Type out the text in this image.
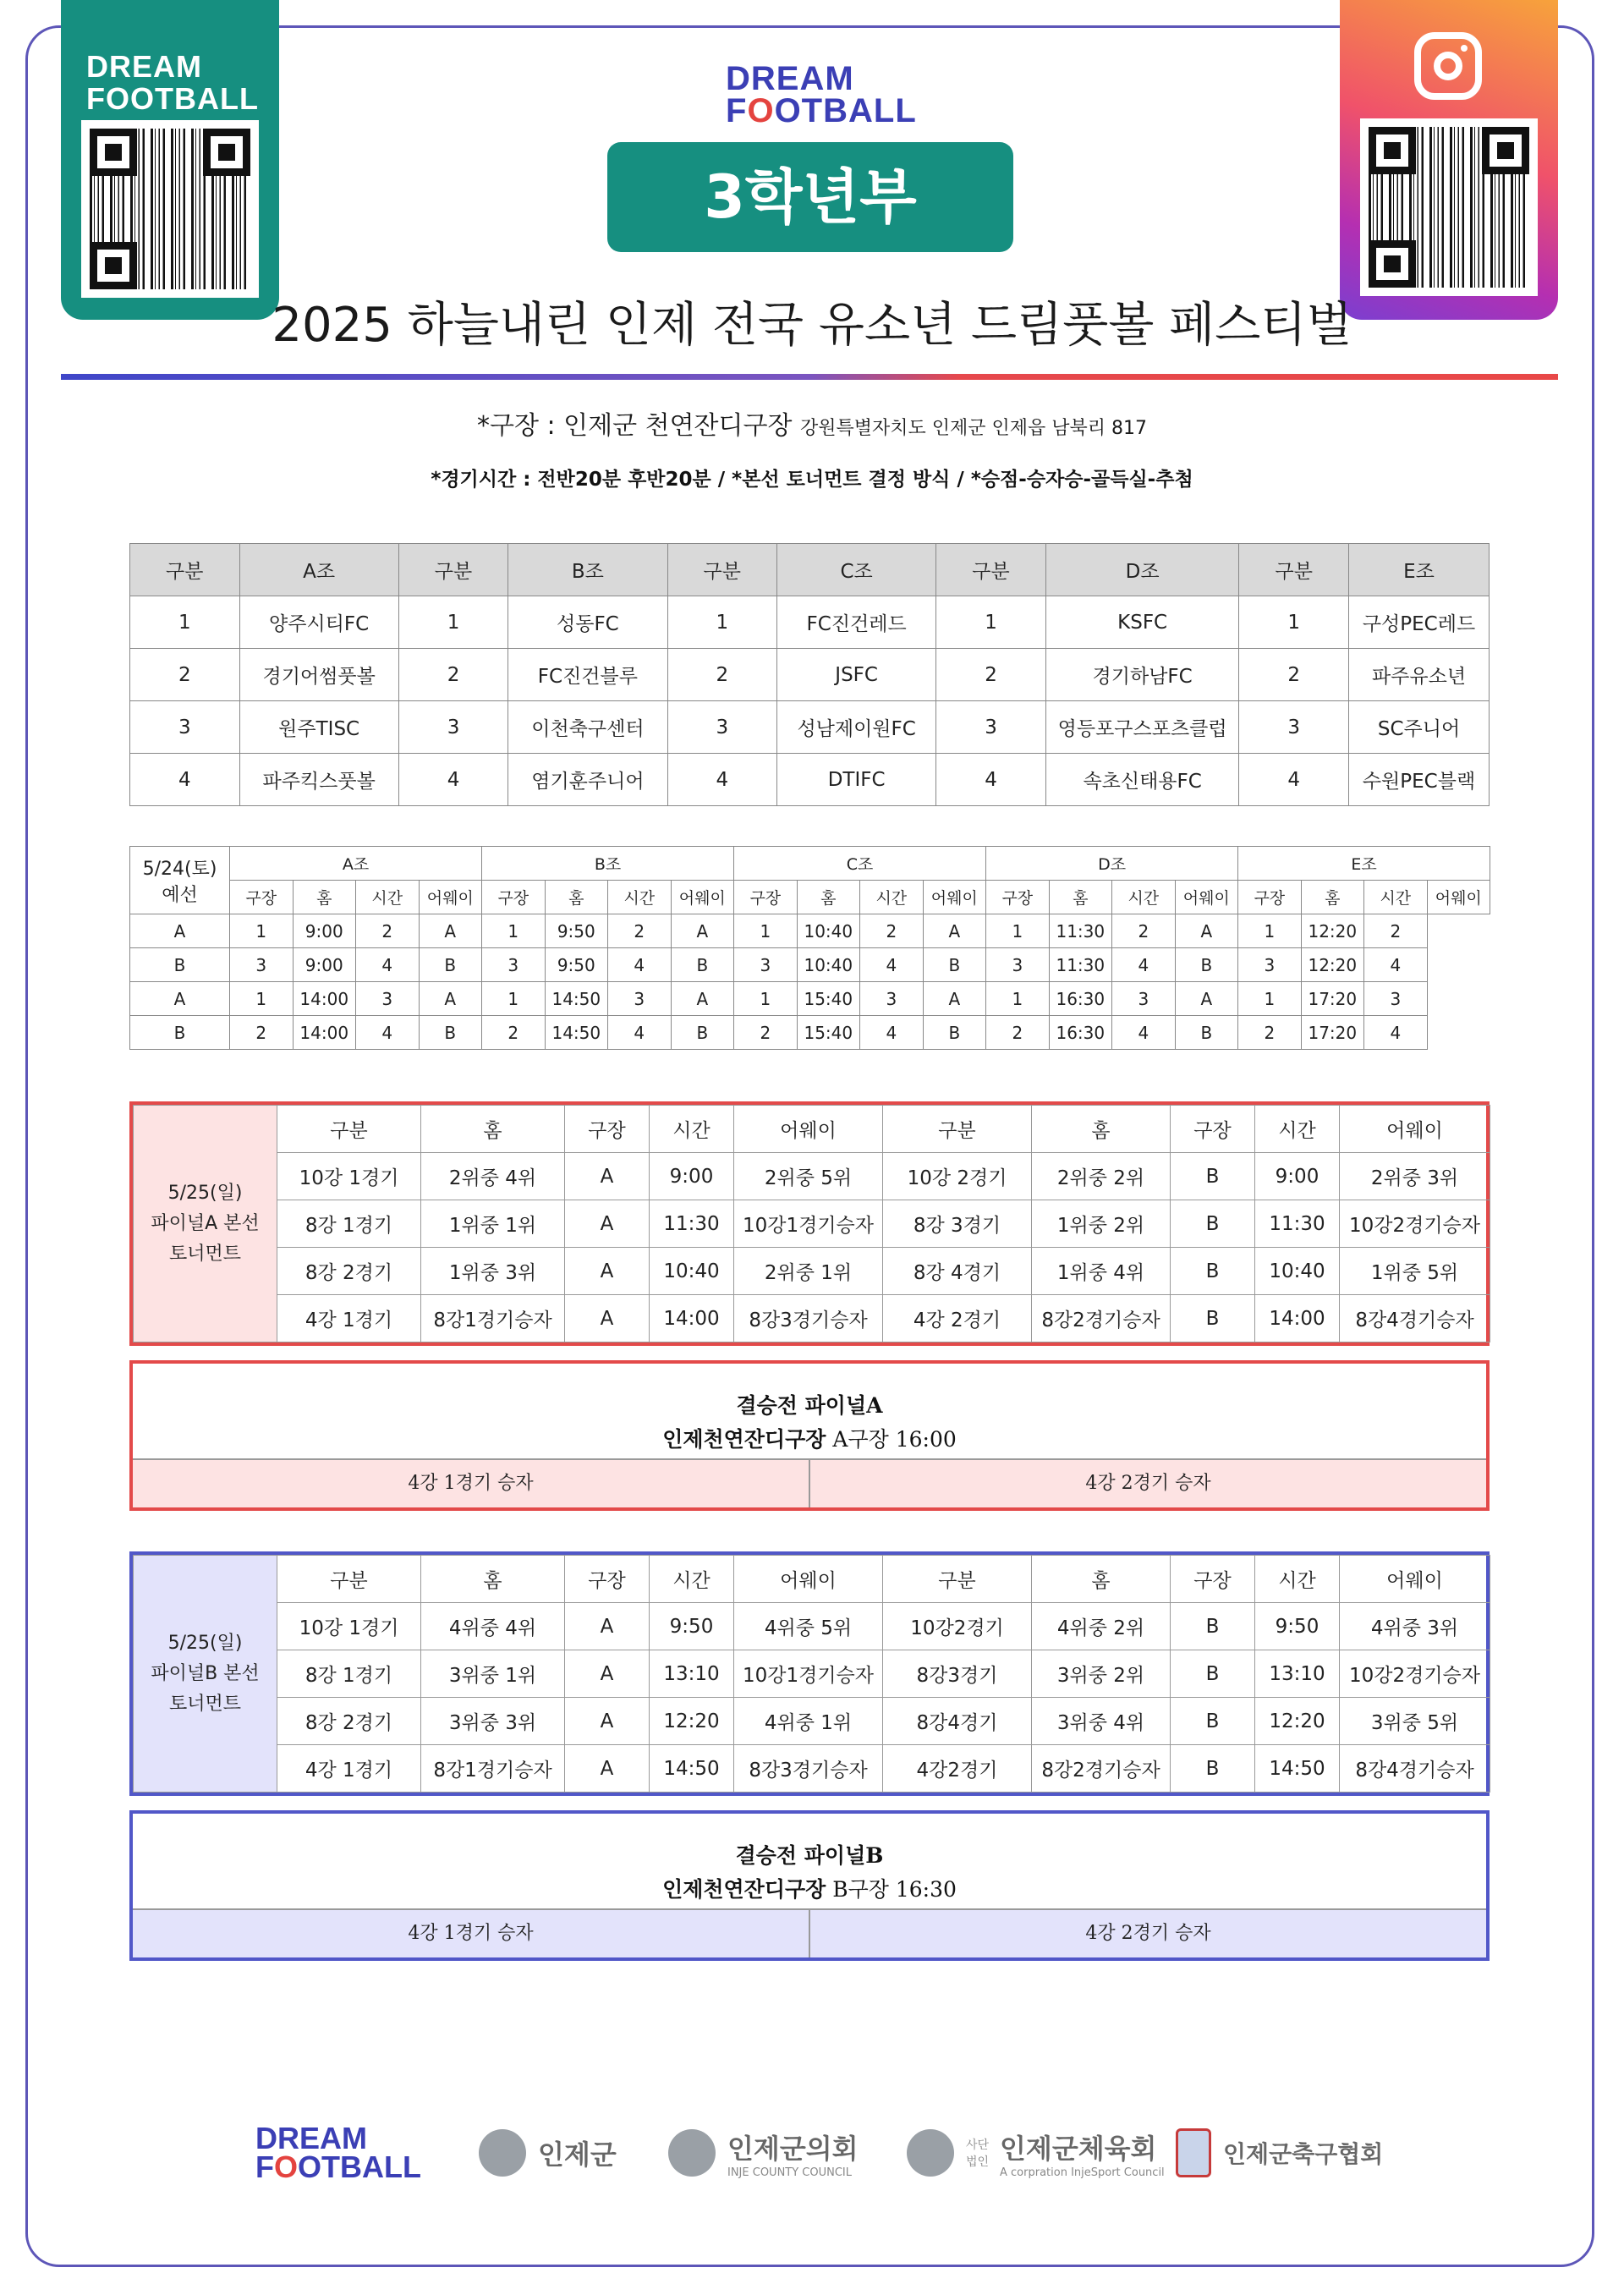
DREAM
FOOTBALL
DREAM
FOOTBALL
3학년부
2025 하늘내린 인제 전국 유소년 드림풋볼 페스티벌
*구장 : 인제군 천연잔디구장 강원특별자치도 인제군 인제읍 남북리 817
*경기시간 : 전반20분 후반20분 / *본선 토너먼트 결정 방식 / *승점-승자승-골득실-추첨
구분	A조	구분	B조	구분	C조	구분	D조	구분	E조
1	양주시티FC	1	성동FC	1	FC진건레드	1	KSFC	1	구성PEC레드
2	경기어썸풋볼	2	FC진건블루	2	JSFC	2	경기하남FC	2	파주유소년
3	원주TISC	3	이천축구센터	3	성남제이원FC	3	영등포구스포츠클럽	3	SC주니어
4	파주킥스풋볼	4	염기훈주니어	4	DTIFC	4	속초신태용FC	4	수원PEC블랙
5/24(토)
예선	A조				B조				C조				D조				E조			
	구장	홈	시간	어웨이	구장	홈	시간	어웨이	구장	홈	시간	어웨이	구장	홈	시간	어웨이	구장	홈	시간	어웨이
A	1	9:00	2	A	1	9:50	2	A	1	10:40	2	A	1	11:30	2	A	1	12:20	2	
B	3	9:00	4	B	3	9:50	4	B	3	10:40	4	B	3	11:30	4	B	3	12:20	4	
A	1	14:00	3	A	1	14:50	3	A	1	15:40	3	A	1	16:30	3	A	1	17:20	3	
B	2	14:00	4	B	2	14:50	4	B	2	15:40	4	B	2	16:30	4	B	2	17:20	4	
5/25(일)
파이널A 본선
토너먼트	구분	홈	구장	시간	어웨이	구분	홈	구장	시간	어웨이
	10강 1경기	2위중 4위	A	9:00	2위중 5위	10강 2경기	2위중 2위	B	9:00	2위중 3위
	8강 1경기	1위중 1위	A	11:30	10강1경기승자	8강 3경기	1위중 2위	B	11:30	10강2경기승자
	8강 2경기	1위중 3위	A	10:40	2위중 1위	8강 4경기	1위중 4위	B	10:40	1위중 5위
	4강 1경기	8강1경기승자	A	14:00	8강3경기승자	4강 2경기	8강2경기승자	B	14:00	8강4경기승자
결승전 파이널A
인제천연잔디구장 A구장 16:00
4강 1경기 승자	4강 2경기 승자
5/25(일)
파이널B 본선
토너먼트	구분	홈	구장	시간	어웨이	구분	홈	구장	시간	어웨이
	10강 1경기	4위중 4위	A	9:50	4위중 5위	10강2경기	4위중 2위	B	9:50	4위중 3위
	8강 1경기	3위중 1위	A	13:10	10강1경기승자	8강3경기	3위중 2위	B	13:10	10강2경기승자
	8강 2경기	3위중 3위	A	12:20	4위중 1위	8강4경기	3위중 4위	B	12:20	3위중 5위
	4강 1경기	8강1경기승자	A	14:50	8강3경기승자	4강2경기	8강2경기승자	B	14:50	8강4경기승자
결승전 파이널B
인제천연잔디구장 B구장 16:30
4강 1경기 승자	4강 2경기 승자
DREAM
FOOTBALL	인제군	인제군의회
INJE COUNTY COUNCIL
사단법인 인제군체육회
A corpration InjeSport Council
인제군축구협회
